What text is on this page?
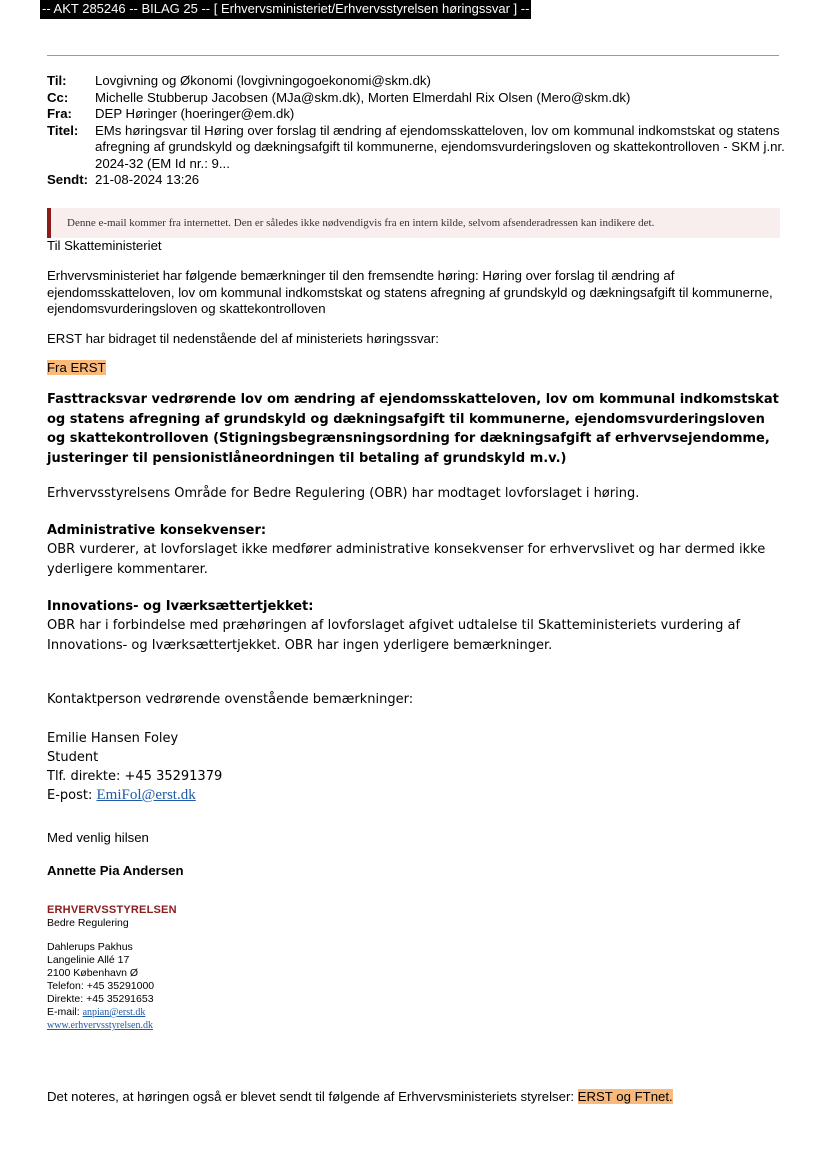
-- AKT 285246 -- BILAG 25 -- [ Erhvervsministeriet/Erhvervsstyrelsen høringssvar ] --
Til:	Lovgivning og Økonomi (lovgivningogoekonomi@skm.dk)
Cc:	Michelle Stubberup Jacobsen (MJa@skm.dk), Morten Elmerdahl Rix Olsen (Mero@skm.dk)
Fra:	DEP Høringer (hoeringer@em.dk)
Titel:	EMs høringsvar til Høring over forslag til ændring af ejendomsskatteloven, lov om kommunal indkomstskat og statens afregning af grundskyld og dækningsafgift til kommunerne, ejendomsvurderingsloven og skattekontrolloven - SKM j.nr. 2024-32 (EM Id nr.: 9...
Sendt: 21-08-2024 13:26
Denne e-mail kommer fra internettet. Den er således ikke nødvendigvis fra en intern kilde, selvom afsenderadressen kan indikere det.
Til Skatteministeriet
Erhvervsministeriet har følgende bemærkninger til den fremsendte høring: Høring over forslag til ændring af ejendomsskatteloven, lov om kommunal indkomstskat og statens afregning af grundskyld og dækningsafgift til kommunerne, ejendomsvurderingsloven og skattekontrolloven
ERST har bidraget til nedenstående del af ministeriets høringssvar:
Fra ERST
Fasttracksvar vedrørende lov om ændring af ejendomsskatteloven, lov om kommunal indkomstskat og statens afregning af grundskyld og dækningsafgift til kommunerne, ejendomsvurderingsloven og skattekontrolloven (Stigningsbegrænsningsordning for dækningsafgift af erhvervsejendomme, justeringer til pensionistlåneordningen til betaling af grundskyld m.v.)
Erhvervsstyrelsens Område for Bedre Regulering (OBR) har modtaget lovforslaget i høring.
Administrative konsekvenser:
OBR vurderer, at lovforslaget ikke medfører administrative konsekvenser for erhvervslivet og har dermed ikke yderligere kommentarer.
Innovations- og Iværksættertjekket:
OBR har i forbindelse med præhøringen af lovforslaget afgivet udtalelse til Skatteministeriets vurdering af Innovations- og Iværksættertjekket. OBR har ingen yderligere bemærkninger.
Kontaktperson vedrørende ovenstående bemærkninger:
Emilie Hansen Foley
Student
Tlf. direkte: +45 35291379
E-post: EmiFol@erst.dk
Med venlig hilsen
Annette Pia Andersen
ERHVERVSSTYRELSEN
Bedre Regulering
Dahlerups Pakhus
Langelinie Allé 17
2100 København Ø
Telefon: +45 35291000
Direkte: +45 35291653
E-mail: anpian@erst.dk
www.erhvervsstyrelsen.dk
Det noteres, at høringen også er blevet sendt til følgende af Erhvervsministeriets styrelser: ERST og FTnet.
